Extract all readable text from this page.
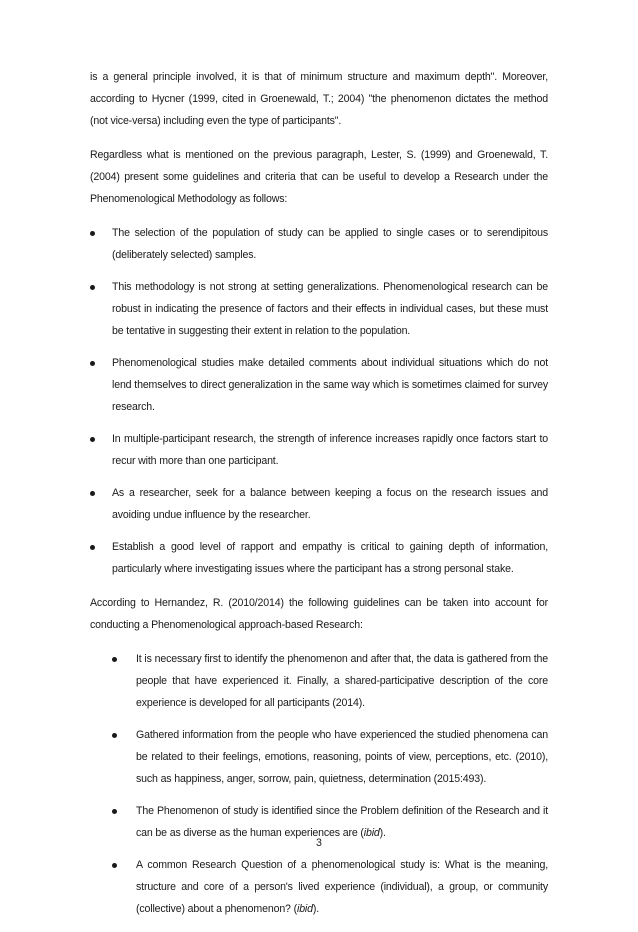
is a general principle involved, it is that of minimum structure and maximum depth". Moreover, according to Hycner (1999, cited in Groenewald, T.; 2004) "the phenomenon dictates the method (not vice-versa) including even the type of participants".

Regardless what is mentioned on the previous paragraph, Lester, S. (1999) and Groenewald, T. (2004) present some guidelines and criteria that can be useful to develop a Research under the Phenomenological Methodology as follows:

The selection of the population of study can be applied to single cases or to serendipitous (deliberately selected) samples.

This methodology is not strong at setting generalizations. Phenomenological research can be robust in indicating the presence of factors and their effects in individual cases, but these must be tentative in suggesting their extent in relation to the population.

Phenomenological studies make detailed comments about individual situations which do not lend themselves to direct generalization in the same way which is sometimes claimed for survey research.

In multiple-participant research, the strength of inference increases rapidly once factors start to recur with more than one participant.

As a researcher, seek for a balance between keeping a focus on the research issues and avoiding undue influence by the researcher.

Establish a good level of rapport and empathy is critical to gaining depth of information, particularly where investigating issues where the participant has a strong personal stake.

According to Hernandez, R. (2010/2014) the following guidelines can be taken into account for conducting a Phenomenological approach-based Research:

It is necessary first to identify the phenomenon and after that, the data is gathered from the people that have experienced it. Finally, a shared-participative description of the core experience is developed for all participants (2014).

Gathered information from the people who have experienced the studied phenomena can be related to their feelings, emotions, reasoning, points of view, perceptions, etc. (2010), such as happiness, anger, sorrow, pain, quietness, determination (2015:493).

The Phenomenon of study is identified since the Problem definition of the Research and it can be as diverse as the human experiences are (ibid).

A common Research Question of a phenomenological study is: What is the meaning, structure and core of a person's lived experience (individual), a group, or community (collective) about a phenomenon? (ibid).

3
